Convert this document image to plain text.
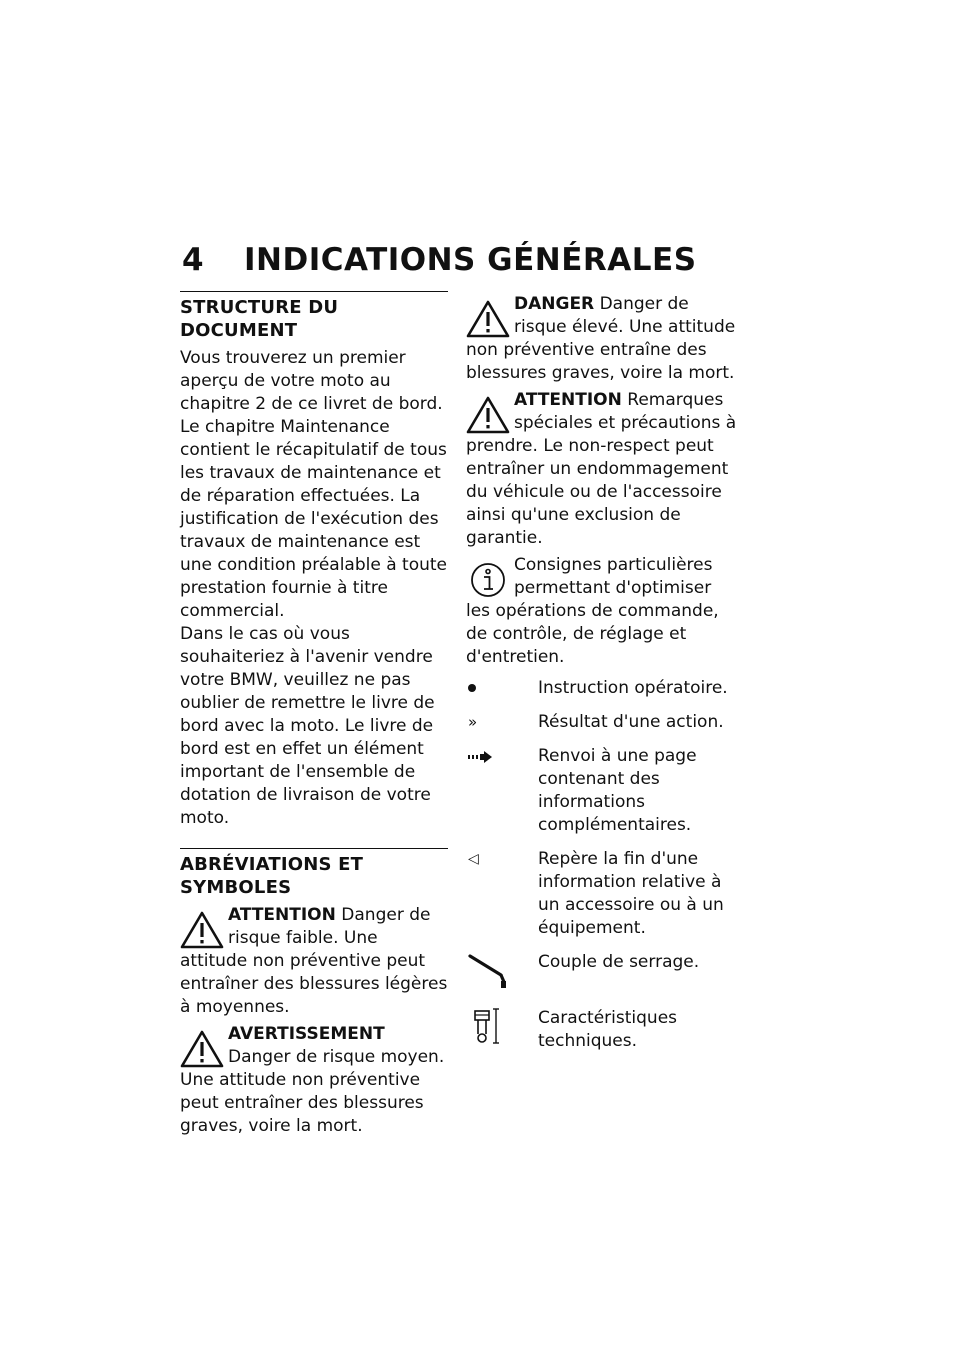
4 INDICATIONS GÉNÉRALES
STRUCTURE DU DOCUMENT

Vous trouverez un premier aperçu de votre moto au chapitre 2 de ce livret de bord. Le chapitre Maintenance contient le récapitulatif de tous les travaux de maintenance et de réparation effectuées. La justification de l'exécution des travaux de maintenance est une condition préalable à toute prestation fournie à titre commercial.

Dans le cas où vous souhaiteriez à l'avenir vendre votre BMW, veuillez ne pas oublier de remettre le livre de bord avec la moto. Le livre de bord est en effet un élément important de l'ensemble de dotation de livraison de votre moto.

ABRÉVIATIONS ET SYMBOLES
ATTENTION Danger de risque faible. Une attitude non préventive peut entraîner des blessures légères à moyennes.
AVERTISSEMENT Danger de risque moyen. Une attitude non préventive peut entraîner des blessures graves, voire la mort.
DANGER Danger de risque élevé. Une attitude non préventive entraîne des blessures graves, voire la mort.
ATTENTION Remarques spéciales et précautions à prendre. Le non-respect peut entraîner un endommagement du véhicule ou de l'accessoire ainsi qu'une exclusion de garantie.
Consignes particulières permettant d'optimiser les opérations de commande, de contrôle, de réglage et d'entretien.
Instruction opératoire.
»	Résultat d'une action.
Renvoi à une page contenant des informations complémentaires.
◁	Repère la fin d'une information relative à un accessoire ou à un équipement.
Couple de serrage.
Caractéristiques techniques.
